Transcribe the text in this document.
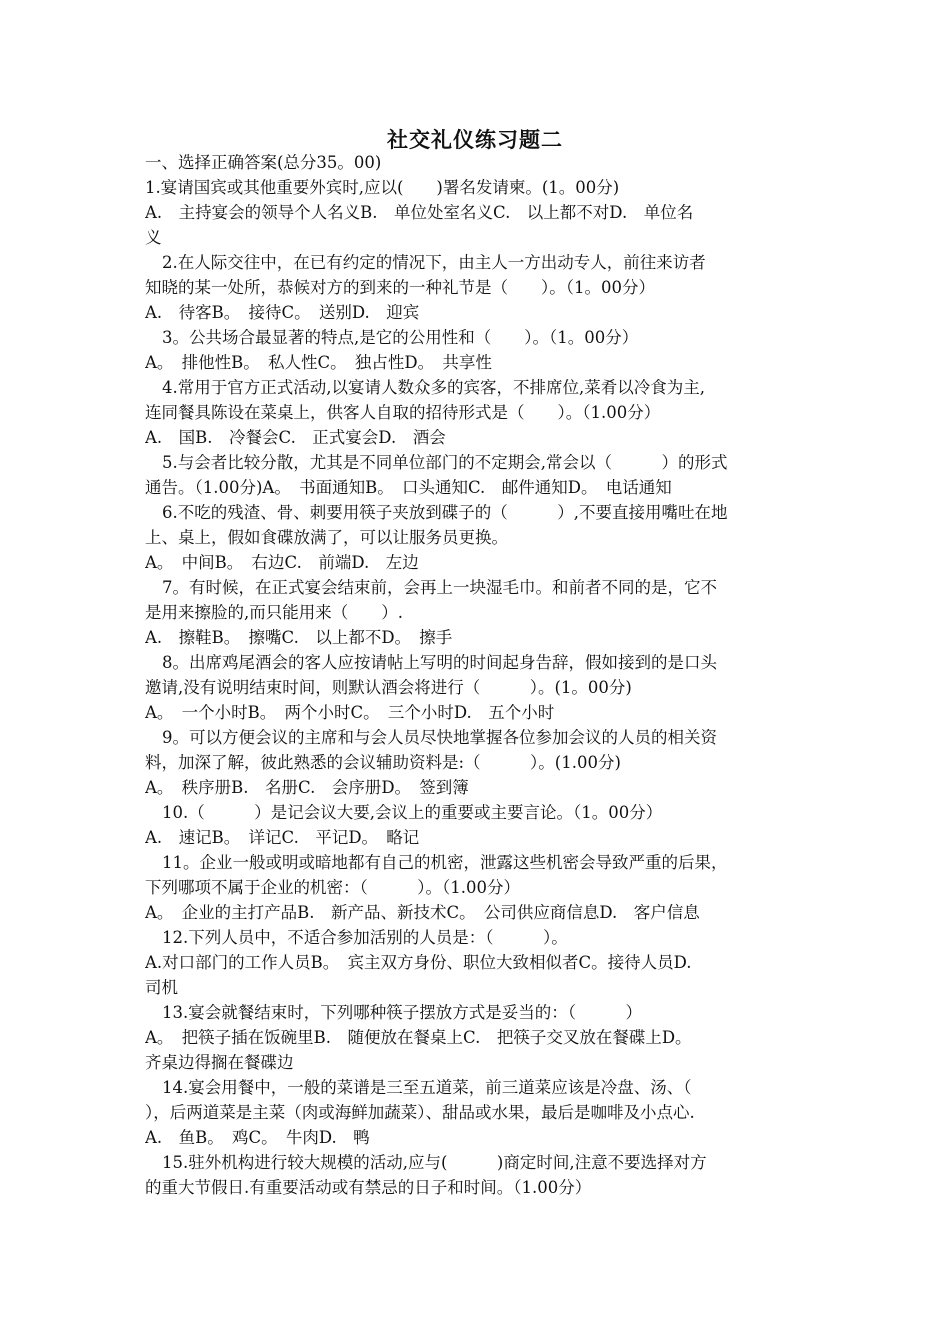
社交礼仪练习题二
一、选择正确答案(总分35。00)
1.宴请国宾或其他重要外宾时,应以(　　)署名发请柬。(1。00分)
A.　主持宴会的领导个人名义B.　单位处室名义C.　以上都不对D.　单位名
义
2.在人际交往中，在已有约定的情况下，由主人一方出动专人，前往来访者
知晓的某一处所，恭候对方的到来的一种礼节是（　　）。（1。00分）
A.　待客B。　接待C。　送别D.　迎宾
3。公共场合最显著的特点,是它的公用性和（　　）。（1。00分）
A。　排他性B。　私人性C。　独占性D。　共享性
4.常用于官方正式活动,以宴请人数众多的宾客，不排席位,菜肴以冷食为主,
连同餐具陈设在菜桌上，供客人自取的招待形式是（　　）。（1.00分）
A.　国B.　冷餐会C.　正式宴会D.　酒会
5.与会者比较分散，尤其是不同单位部门的不定期会,常会以（　　　）的形式
通告。（1.00分)A。　书面通知B。　口头通知C.　邮件通知D。　电话通知
6.不吃的残渣、骨、刺要用筷子夹放到碟子的（　　　）,不要直接用嘴吐在地
上、桌上，假如食碟放满了，可以让服务员更换。
A。　中间B。　右边C.　前端D.　左边
7。有时候，在正式宴会结束前，会再上一块湿毛巾。和前者不同的是，它不
是用来擦脸的,而只能用来（　　）.
A.　擦鞋B。　擦嘴C.　以上都不D。　擦手
8。出席鸡尾酒会的客人应按请帖上写明的时间起身告辞，假如接到的是口头
邀请,没有说明结束时间，则默认酒会将进行（　　　）。(1。00分)
A。　一个小时B。　两个小时C。　三个小时D.　五个小时
9。可以方便会议的主席和与会人员尽快地掌握各位参加会议的人员的相关资
料，加深了解，彼此熟悉的会议辅助资料是:（　　　）。(1.00分)
A。　秩序册B.　名册C.　会序册D。　签到簿
10.（　　　）是记会议大要,会议上的重要或主要言论。（1。00分）
A.　速记B。　详记C.　平记D。　略记
11。企业一般或明或暗地都有自己的机密，泄露这些机密会导致严重的后果，
下列哪项不属于企业的机密：（　　　）。（1.00分）
A。　企业的主打产品B.　新产品、新技术C。　公司供应商信息D.　客户信息
12.下列人员中，不适合参加活别的人员是：（　　　）。
A.对口部门的工作人员B。　宾主双方身份、职位大致相似者C。接待人员D.
司机
13.宴会就餐结束时，下列哪种筷子摆放方式是妥当的：（　　　）
A。　把筷子插在饭碗里B.　随便放在餐桌上C.　把筷子交叉放在餐碟上D。
齐桌边得搁在餐碟边
14.宴会用餐中，一般的菜谱是三至五道菜，前三道菜应该是冷盘、汤、（
），后两道菜是主菜（肉或海鲜加蔬菜）、甜品或水果，最后是咖啡及小点心.
A.　鱼B。　鸡C。　牛肉D.　鸭
15.驻外机构进行较大规模的活动,应与(　　　)商定时间,注意不要选择对方
的重大节假日.有重要活动或有禁忌的日子和时间。（1.00分）
